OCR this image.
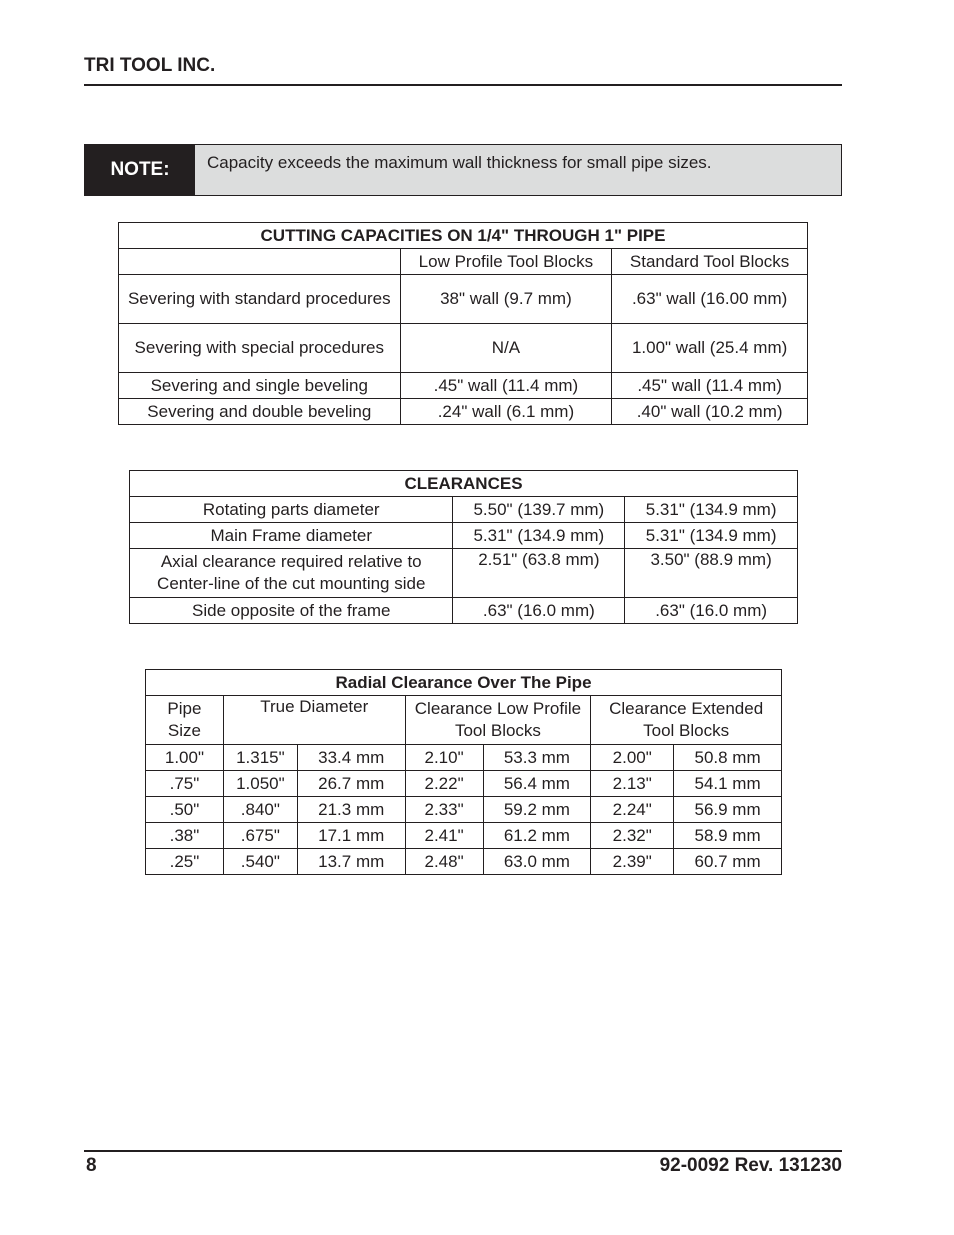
TRI TOOL INC.
NOTE:	Capacity exceeds the maximum wall thickness for small pipe sizes.
CUTTING CAPACITIES ON 1/4" THROUGH 1" PIPE		
	Low Profile Tool Blocks	Standard Tool Blocks
Severing with standard procedures	38" wall (9.7 mm)	.63" wall (16.00 mm)
Severing with special procedures	N/A	1.00" wall (25.4 mm)
Severing and single beveling	.45" wall (11.4 mm)	.45" wall (11.4 mm)
Severing and double beveling	.24" wall (6.1 mm)	.40" wall (10.2 mm)
CLEARANCES		
Rotating parts diameter	5.50" (139.7 mm)	5.31" (134.9 mm)
Main Frame diameter	5.31" (134.9 mm)	5.31" (134.9 mm)
Axial clearance required relative to Center-line of the cut mounting side	2.51" (63.8 mm)	3.50" (88.9 mm)
Side opposite of the frame	.63" (16.0 mm)	.63" (16.0 mm)
Radial Clearance Over The Pipe						
Pipe Size	True Diameter		Clearance Low Profile Tool Blocks		Clearance Extended Tool Blocks	
1.00"	1.315"	33.4 mm	2.10"	53.3 mm	2.00"	50.8 mm
.75"	1.050"	26.7 mm	2.22"	56.4 mm	2.13"	54.1 mm
.50"	.840"	21.3 mm	2.33"	59.2 mm	2.24"	56.9 mm
.38"	.675"	17.1 mm	2.41"	61.2 mm	2.32"	58.9 mm
.25"	.540"	13.7 mm	2.48"	63.0 mm	2.39"	60.7 mm
8	92-0092 Rev. 131230
